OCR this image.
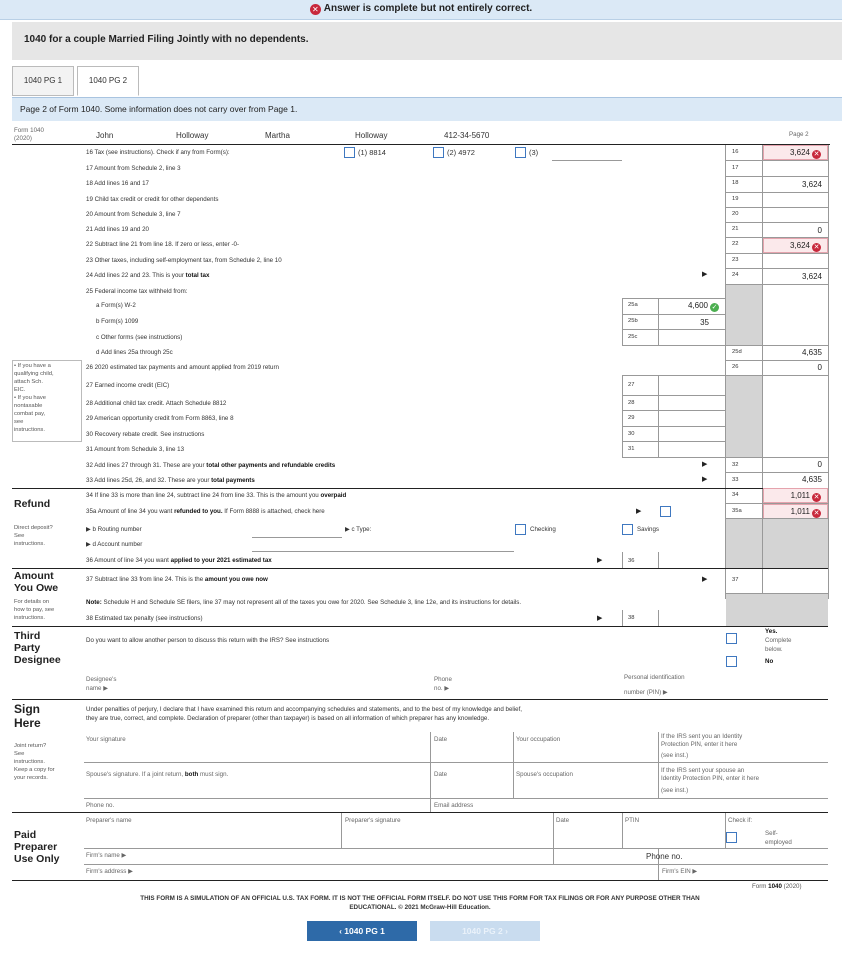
✕ Answer is complete but not entirely correct.
1040 for a couple Married Filing Jointly with no dependents.
1040 PG 1	1040 PG 2
Page 2 of Form 1040. Some information does not carry over from Page 1.
Form 1040
(2020)	John	Holloway	Martha	Holloway	412-34-5670	Page 2
16 Tax (see instructions). Check if any from Form(s):	(1) 8814	(2) 4972	(3)	16	3,624 ✕
17 Amount from Schedule 2, line 3	17
18 Add lines 16 and 17	18	3,624
19 Child tax credit or credit for other dependents	19
20 Amount from Schedule 3, line 7	20
21 Add lines 19 and 20	21	0
22 Subtract line 21 from line 18. If zero or less, enter -0-	22	3,624 ✕
23 Other taxes, including self-employment tax, from Schedule 2, line 10	23
24 Add lines 22 and 23. This is your total tax	▶	24	3,624
25 Federal income tax withheld from:
a Form(s) W-2	25a	4,600 ✓
b Form(s) 1099	25b	35
c Other forms (see instructions)	25c
d Add lines 25a through 25c	25d	4,635
• If you have a
qualifying child,
attach Sch.
EIC.
• If you have
nontaxable
combat pay,
see
instructions.
26 2020 estimated tax payments and amount applied from 2019 return	26	0
27 Earned income credit (EIC)	27
28 Additional child tax credit. Attach Schedule 8812	28
29 American opportunity credit from Form 8863, line 8	29
30 Recovery rebate credit. See instructions	30
31 Amount from Schedule 3, line 13	31
32 Add lines 27 through 31. These are your total other payments and refundable credits	▶	32	0
33 Add lines 25d, 26, and 32. These are your total payments	▶	33	4,635
Refund
34 If line 33 is more than line 24, subtract line 24 from line 33. This is the amount you overpaid	34	1,011 ✕
35a Amount of line 34 you want refunded to you. If Form 8888 is attached, check here	▶	35a	1,011 ✕
Direct deposit?
See
instructions.
▶ b Routing number	▶ c Type:	Checking	Savings
▶ d Account number
36 Amount of line 34 you want applied to your 2021 estimated tax	▶	36
Amount
You Owe
For details on
how to pay, see
instructions.
37 Subtract line 33 from line 24. This is the amount you owe now	▶	37
Note: Schedule H and Schedule SE filers, line 37 may not represent all of the taxes you owe for 2020. See Schedule 3, line 12e, and its instructions for details.
38 Estimated tax penalty (see instructions)	▶	38
Third
Party
Designee
Do you want to allow another person to discuss this return with the IRS? See instructions
Yes.
Complete
below.
No
Designee's
name ▶
Phone
no. ▶
Personal identification
number (PIN) ▶
Sign
Here
Under penalties of perjury, I declare that I have examined this return and accompanying schedules and statements, and to the best of my knowledge and belief,
they are true, correct, and complete. Declaration of preparer (other than taxpayer) is based on all information of which preparer has any knowledge.
Joint return?
See
instructions.
Keep a copy for
your records.
Your signature	Date	Your occupation	If the IRS sent you an Identity
Protection PIN, enter it here
(see inst.)
Spouse's signature. If a joint return, both must sign.	Date	Spouse's occupation
If the IRS sent your spouse an
Identity Protection PIN, enter it here
(see inst.)
Phone no.	Email address
Paid
Preparer
Use Only
Preparer's name	Preparer's signature	Date	PTIN	Check if:
Self-
employed
Firm's name ▶	Phone no.
Firm's address ▶	Firm's EIN ▶
Form 1040 (2020)
THIS FORM IS A SIMULATION OF AN OFFICIAL U.S. TAX FORM. IT IS NOT THE OFFICIAL FORM ITSELF. DO NOT USE THIS FORM FOR TAX FILINGS OR FOR ANY PURPOSE OTHER THAN
EDUCATIONAL. © 2021 McGraw-Hill Education.
‹ 1040 PG 1	1040 PG 2 ›
